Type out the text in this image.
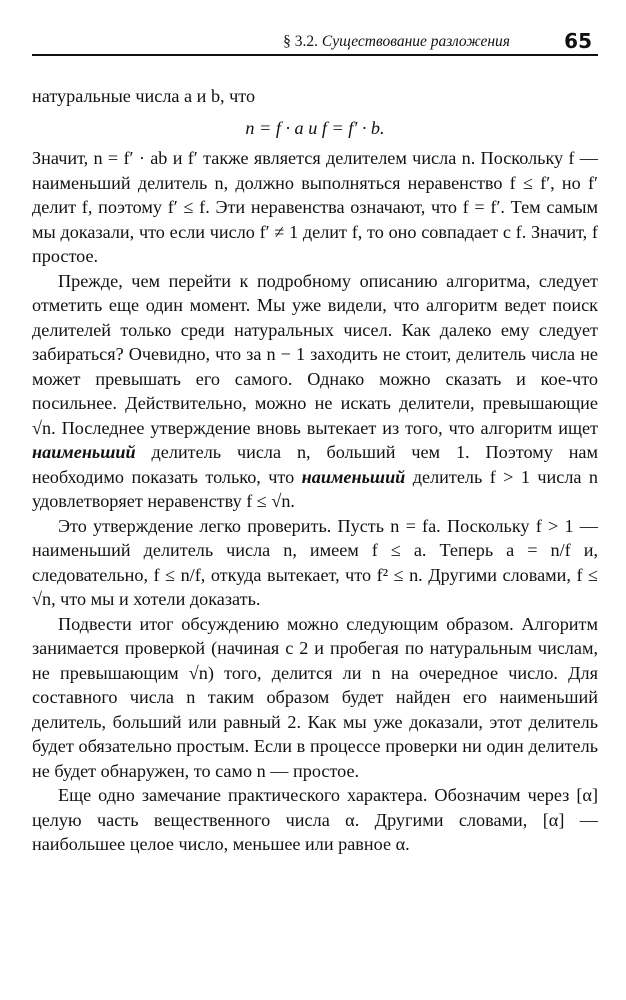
§ 3.2. Существование разложения	65

натуральные числа a и b, что

n = f · a и f = f′ · b.

Значит, n = f′ · ab и f′ также является делителем числа n. Поскольку f — наименьший делитель n, должно выполняться неравенство f ≤ f′, но f′ делит f, поэтому f′ ≤ f. Эти неравенства означают, что f = f′. Тем самым мы доказали, что если число f′ ≠ 1 делит f, то оно совпадает с f. Значит, f простое.

Прежде, чем перейти к подробному описанию алгоритма, следует отметить еще один момент. Мы уже видели, что алгоритм ведет поиск делителей только среди натуральных чисел. Как далеко ему следует забираться? Очевидно, что за n − 1 заходить не стоит, делитель числа не может превышать его самого. Однако можно сказать и кое-что посильнее. Действительно, можно не искать делители, превышающие √n. Последнее утверждение вновь вытекает из того, что алгоритм ищет наименьший делитель числа n, больший чем 1. Поэтому нам необходимо показать только, что наименьший делитель f > 1 числа n удовлетворяет неравенству f ≤ √n.

Это утверждение легко проверить. Пусть n = fa. Поскольку f > 1 — наименьший делитель числа n, имеем f ≤ a. Теперь a = n/f и, следовательно, f ≤ n/f, откуда вытекает, что f² ≤ n. Другими словами, f ≤ √n, что мы и хотели доказать.

Подвести итог обсуждению можно следующим образом. Алгоритм занимается проверкой (начиная с 2 и пробегая по натуральным числам, не превышающим √n) того, делится ли n на очередное число. Для составного числа n таким образом будет найден его наименьший делитель, больший или равный 2. Как мы уже доказали, этот делитель будет обязательно простым. Если в процессе проверки ни один делитель не будет обнаружен, то само n — простое.

Еще одно замечание практического характера. Обозначим через [α] целую часть вещественного числа α. Другими словами, [α] — наибольшее целое число, меньшее или равное α.
